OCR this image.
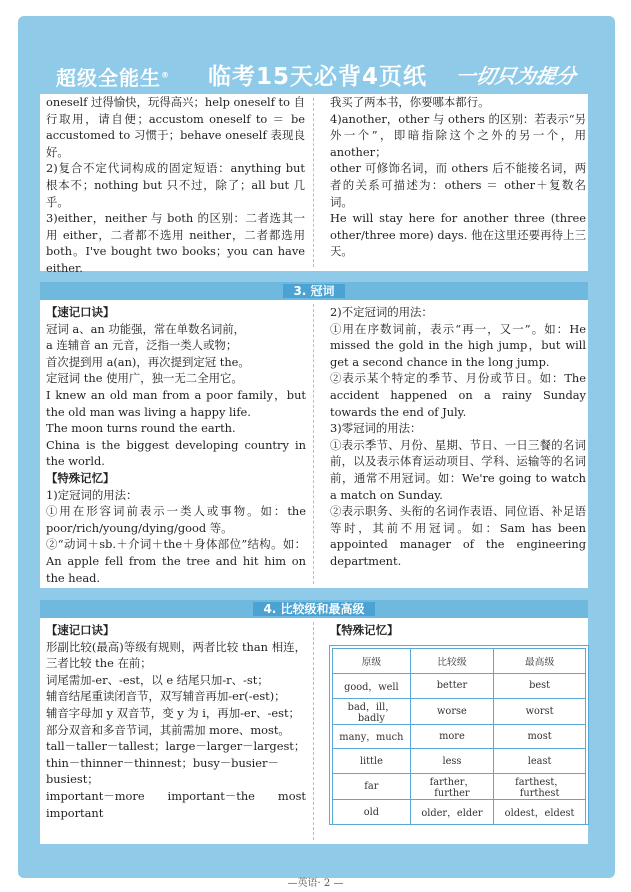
超级全能生® 临考15天必背4页纸 一切只为提分

oneself 过得愉快，玩得高兴；help oneself to 自行取用，请自便；accustom oneself to ＝ be accustomed to 习惯于；behave oneself 表现良好。

2)复合不定代词构成的固定短语：anything but 根本不；nothing but 只不过，除了；all but 几乎。

3)either，neither 与 both 的区别：二者选其一用 either，二者都不选用 neither，二者都选用 both。I've bought two books；you can have either.

我买了两本书，你要哪本都行。

4)another，other 与 others 的区别：若表示“另外一个”，即暗指除这个之外的另一个，用 another；

other 可修饰名词，而 others 后不能接名词，两者的关系可描述为：others ＝ other＋复数名词。

He will stay here for another three (three other/three more) days. 他在这里还要再待上三天。

3. 冠词

【速记口诀】

冠词 a、an 功能强，常在单数名词前，

a 连辅音 an 元音，泛指一类人或物；

首次提到用 a(an)，再次提到定冠 the。

定冠词 the 使用广，独一无二全用它。

I knew an old man from a poor family，but the old man was living a happy life.

The moon turns round the earth.

China is the biggest developing country in the world.

【特殊记忆】

1)定冠词的用法：

①用在形容词前表示一类人或事物。如：the poor/rich/young/dying/good 等。

②“动词＋sb.＋介词＋the＋身体部位”结构。如：An apple fell from the tree and hit him on the head.

2)不定冠词的用法：

①用在序数词前，表示“再一，又一”。如：He missed the gold in the high jump，but will get a second chance in the long jump.

②表示某个特定的季节、月份或节日。如：The accident happened on a rainy Sunday towards the end of July.

3)零冠词的用法：

①表示季节、月份、星期、节日、一日三餐的名词前，以及表示体育运动项目、学科、运输等的名词前，通常不用冠词。如：We're going to watch a match on Sunday.

②表示职务、头衔的名词作表语、同位语、补足语等时，其前不用冠词。如：Sam has been appointed manager of the engineering department.

4. 比较级和最高级

【速记口诀】

形副比较(最高)等级有规则，两者比较 than 相连，三者比较 the 在前；

词尾需加-er、-est，以 e 结尾只加-r、-st；

辅音结尾重读闭音节，双写辅音再加-er(-est)；

辅音字母加 y 双音节，变 y 为 i，再加-er、-est；

部分双音和多音节词，其前需加 more、most。

tall－taller－tallest；large－larger－largest；

thin－thinner－thinnest；busy－busier－busiest；

important－more important－the most important

【特殊记忆】

原级	比较级	最高级
good，well	better	best
bad，ill，badly	worse	worst
many，much	more	most
little	less	least
far	farther，further	farthest，furthest
old	older，elder	oldest，eldest
—英语· 2 —
